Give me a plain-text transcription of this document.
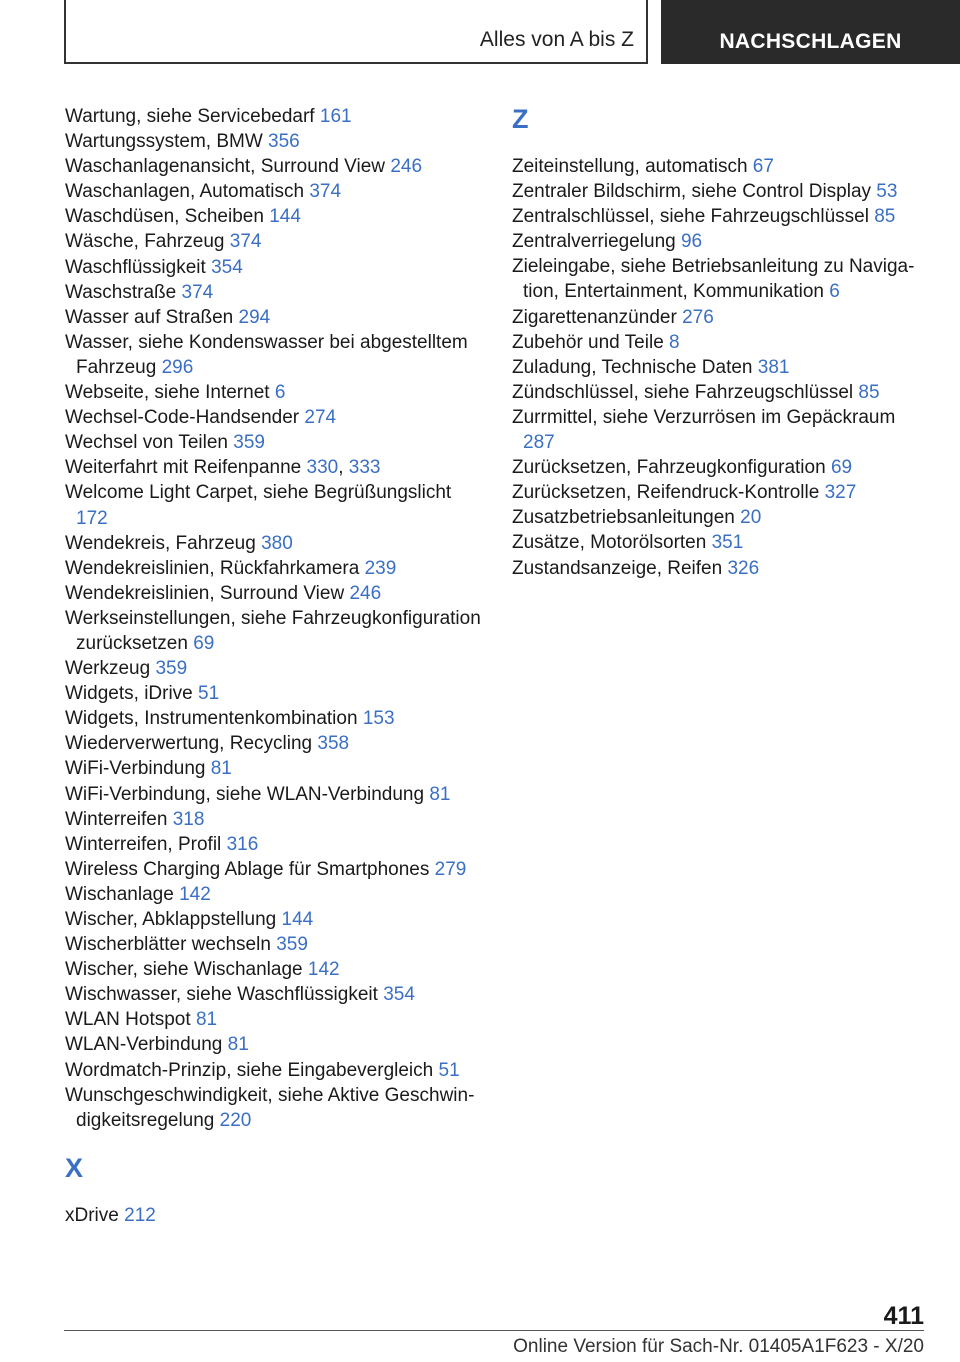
Alles von A bis Z	NACHSCHLAGEN
Wartung, siehe Servicebedarf 161
Wartungssystem, BMW 356
Waschanlagenansicht, Surround View 246
Waschanlagen, Automatisch 374
Waschdüsen, Scheiben 144
Wäsche, Fahrzeug 374
Waschflüssigkeit 354
Waschstraße 374
Wasser auf Straßen 294
Wasser, siehe Kondenswasser bei abgestelltem Fahrzeug 296
Webseite, siehe Internet 6
Wechsel-Code-Handsender 274
Wechsel von Teilen 359
Weiterfahrt mit Reifenpanne 330, 333
Welcome Light Carpet, siehe Begrüßungslicht 172
Wendekreis, Fahrzeug 380
Wendekreislinien, Rückfahrkamera 239
Wendekreislinien, Surround View 246
Werkseinstellungen, siehe Fahrzeugkonfiguration zurücksetzen 69
Werkzeug 359
Widgets, iDrive 51
Widgets, Instrumentenkombination 153
Wiederverwertung, Recycling 358
WiFi-Verbindung 81
WiFi-Verbindung, siehe WLAN-Verbindung 81
Winterreifen 318
Winterreifen, Profil 316
Wireless Charging Ablage für Smartphones 279
Wischanlage 142
Wischer, Abklappstellung 144
Wischerblätter wechseln 359
Wischer, siehe Wischanlage 142
Wischwasser, siehe Waschflüssigkeit 354
WLAN Hotspot 81
WLAN-Verbindung 81
Wordmatch-Prinzip, siehe Eingabevergleich 51
Wunschgeschwindigkeit, siehe Aktive Geschwindigkeitsregelung 220
X
xDrive 212
Z
Zeiteinstellung, automatisch 67
Zentraler Bildschirm, siehe Control Display 53
Zentralschlüssel, siehe Fahrzeugschlüssel 85
Zentralverriegelung 96
Zieleingabe, siehe Betriebsanleitung zu Navigation, Entertainment, Kommunikation 6
Zigarettenanzünder 276
Zubehör und Teile 8
Zuladung, Technische Daten 381
Zündschlüssel, siehe Fahrzeugschlüssel 85
Zurrmittel, siehe Verzurrösen im Gepäckraum 287
Zurücksetzen, Fahrzeugkonfiguration 69
Zurücksetzen, Reifendruck-Kontrolle 327
Zusatzbetriebsanleitungen 20
Zusätze, Motorölsorten 351
Zustandsanzeige, Reifen 326
411
Online Version für Sach-Nr. 01405A1F623 - X/20
